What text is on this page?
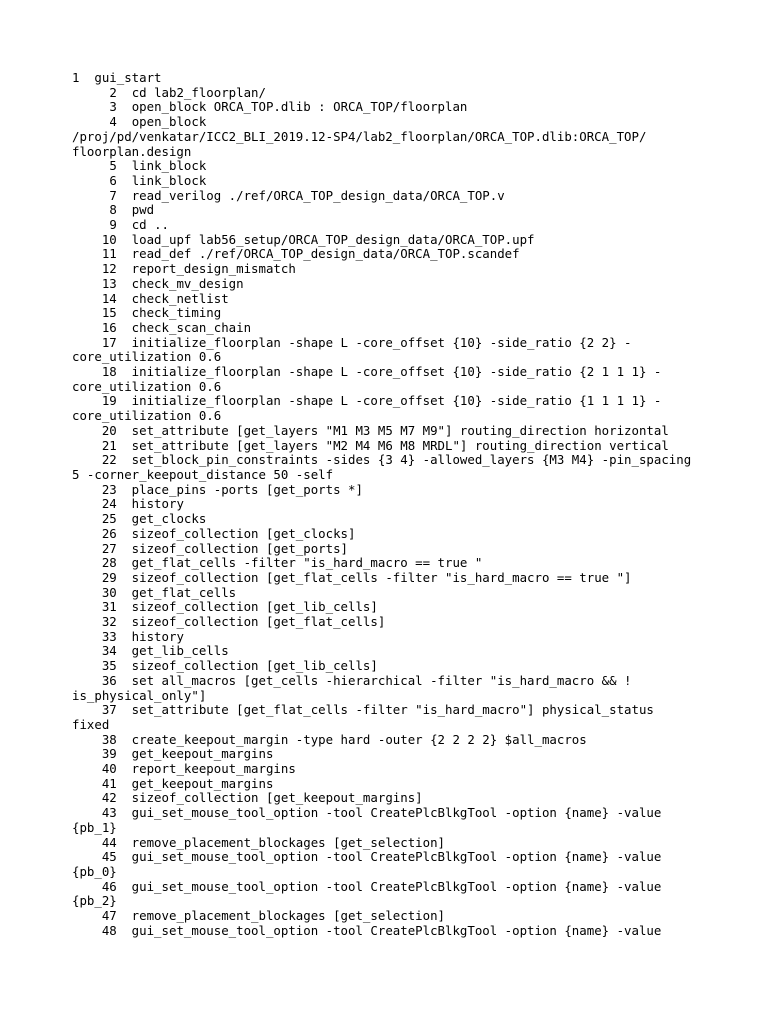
1  gui_start
2  cd lab2_floorplan/
3  open_block ORCA_TOP.dlib : ORCA_TOP/floorplan
4  open_block
/proj/pd/venkatar/ICC2_BLI_2019.12-SP4/lab2_floorplan/ORCA_TOP.dlib:ORCA_TOP/
floorplan.design
5  link_block
6  link_block
7  read_verilog ./ref/ORCA_TOP_design_data/ORCA_TOP.v
8  pwd
9  cd ..
10  load_upf lab56_setup/ORCA_TOP_design_data/ORCA_TOP.upf
11  read_def ./ref/ORCA_TOP_design_data/ORCA_TOP.scandef
12  report_design_mismatch
13  check_mv_design
14  check_netlist
15  check_timing
16  check_scan_chain
17  initialize_floorplan -shape L -core_offset {10} -side_ratio {2 2} -
core_utilization 0.6
18  initialize_floorplan -shape L -core_offset {10} -side_ratio {2 1 1 1} -
core_utilization 0.6
19  initialize_floorplan -shape L -core_offset {10} -side_ratio {1 1 1 1} -
core_utilization 0.6
20  set_attribute [get_layers "M1 M3 M5 M7 M9"] routing_direction horizontal
21  set_attribute [get_layers "M2 M4 M6 M8 MRDL"] routing_direction vertical
22  set_block_pin_constraints -sides {3 4} -allowed_layers {M3 M4} -pin_spacing
5 -corner_keepout_distance 50 -self
23  place_pins -ports [get_ports *]
24  history
25  get_clocks
26  sizeof_collection [get_clocks]
27  sizeof_collection [get_ports]
28  get_flat_cells -filter "is_hard_macro == true "
29  sizeof_collection [get_flat_cells -filter "is_hard_macro == true "]
30  get_flat_cells
31  sizeof_collection [get_lib_cells]
32  sizeof_collection [get_flat_cells]
33  history
34  get_lib_cells
35  sizeof_collection [get_lib_cells]
36  set all_macros [get_cells -hierarchical -filter "is_hard_macro && !
is_physical_only"]
37  set_attribute [get_flat_cells -filter "is_hard_macro"] physical_status
fixed
38  create_keepout_margin -type hard -outer {2 2 2 2} $all_macros
39  get_keepout_margins
40  report_keepout_margins
41  get_keepout_margins
42  sizeof_collection [get_keepout_margins]
43  gui_set_mouse_tool_option -tool CreatePlcBlkgTool -option {name} -value
{pb_1}
44  remove_placement_blockages [get_selection]
45  gui_set_mouse_tool_option -tool CreatePlcBlkgTool -option {name} -value
{pb_0}
46  gui_set_mouse_tool_option -tool CreatePlcBlkgTool -option {name} -value
{pb_2}
47  remove_placement_blockages [get_selection]
48  gui_set_mouse_tool_option -tool CreatePlcBlkgTool -option {name} -value
